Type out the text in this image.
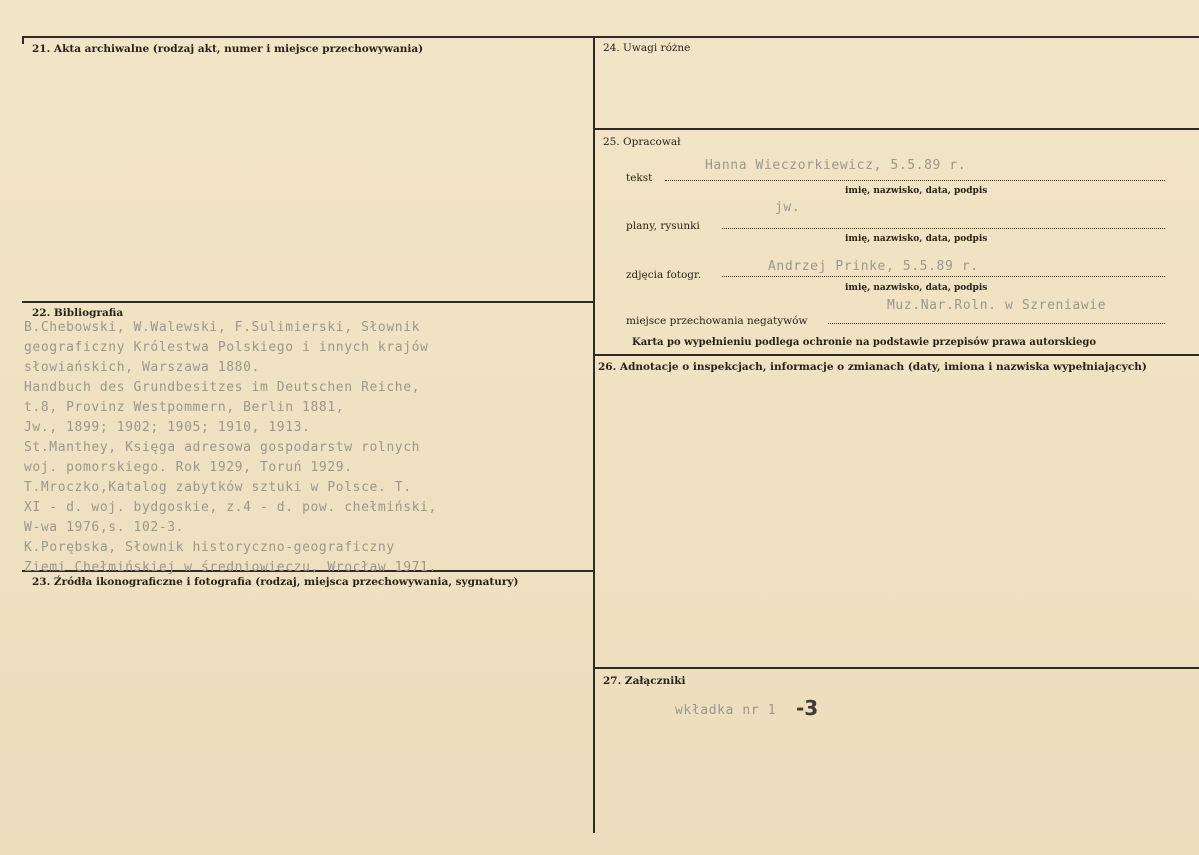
21. Akta archiwalne (rodzaj akt, numer i miejsce przechowywania)
22. Bibliografia
23. Źródła ikonograficzne i fotografia (rodzaj, miejsca przechowywania, sygnatury)
24. Uwagi różne
25. Opracował
26. Adnotacje o inspekcjach, informacje o zmianach (daty, imiona i nazwiska wypełniających)
27. Załączniki
B.Chebowski, W.Walewski, F.Sulimierski, Słownik
geograficzny Królestwa Polskiego i innych krajów
słowiańskich, Warszawa 1880.
Handbuch des Grundbesitzes im Deutschen Reiche,
t.8, Provinz Westpommern, Berlin 1881,
Jw., 1899; 1902; 1905; 1910, 1913.
St.Manthey, Księga adresowa gospodarstw rolnych
woj. pomorskiego. Rok 1929, Toruń 1929.
T.Mroczko,Katalog zabytków sztuki w Polsce. T.
XI - d. woj. bydgoskie, z.4 - d. pow. chełmiński,
W-wa 1976,s. 102-3.
K.Porębska, Słownik historyczno-geograficzny
Ziemi Chełmińskiej w średniowieczu, Wrocław 1971.
Hanna Wieczorkiewicz, 5.5.89 r.
tekst
imię, nazwisko, data, podpis
jw.
plany, rysunki
imię, nazwisko, data, podpis
Andrzej Prinke, 5.5.89 r.
zdjęcia fotogr.
imię, nazwisko, data, podpis
Muz.Nar.Roln. w Szreniawie
miejsce przechowania negatywów
Karta po wypełnieniu podlega ochronie na podstawie przepisów prawa autorskiego
wkładka nr 1 -3
